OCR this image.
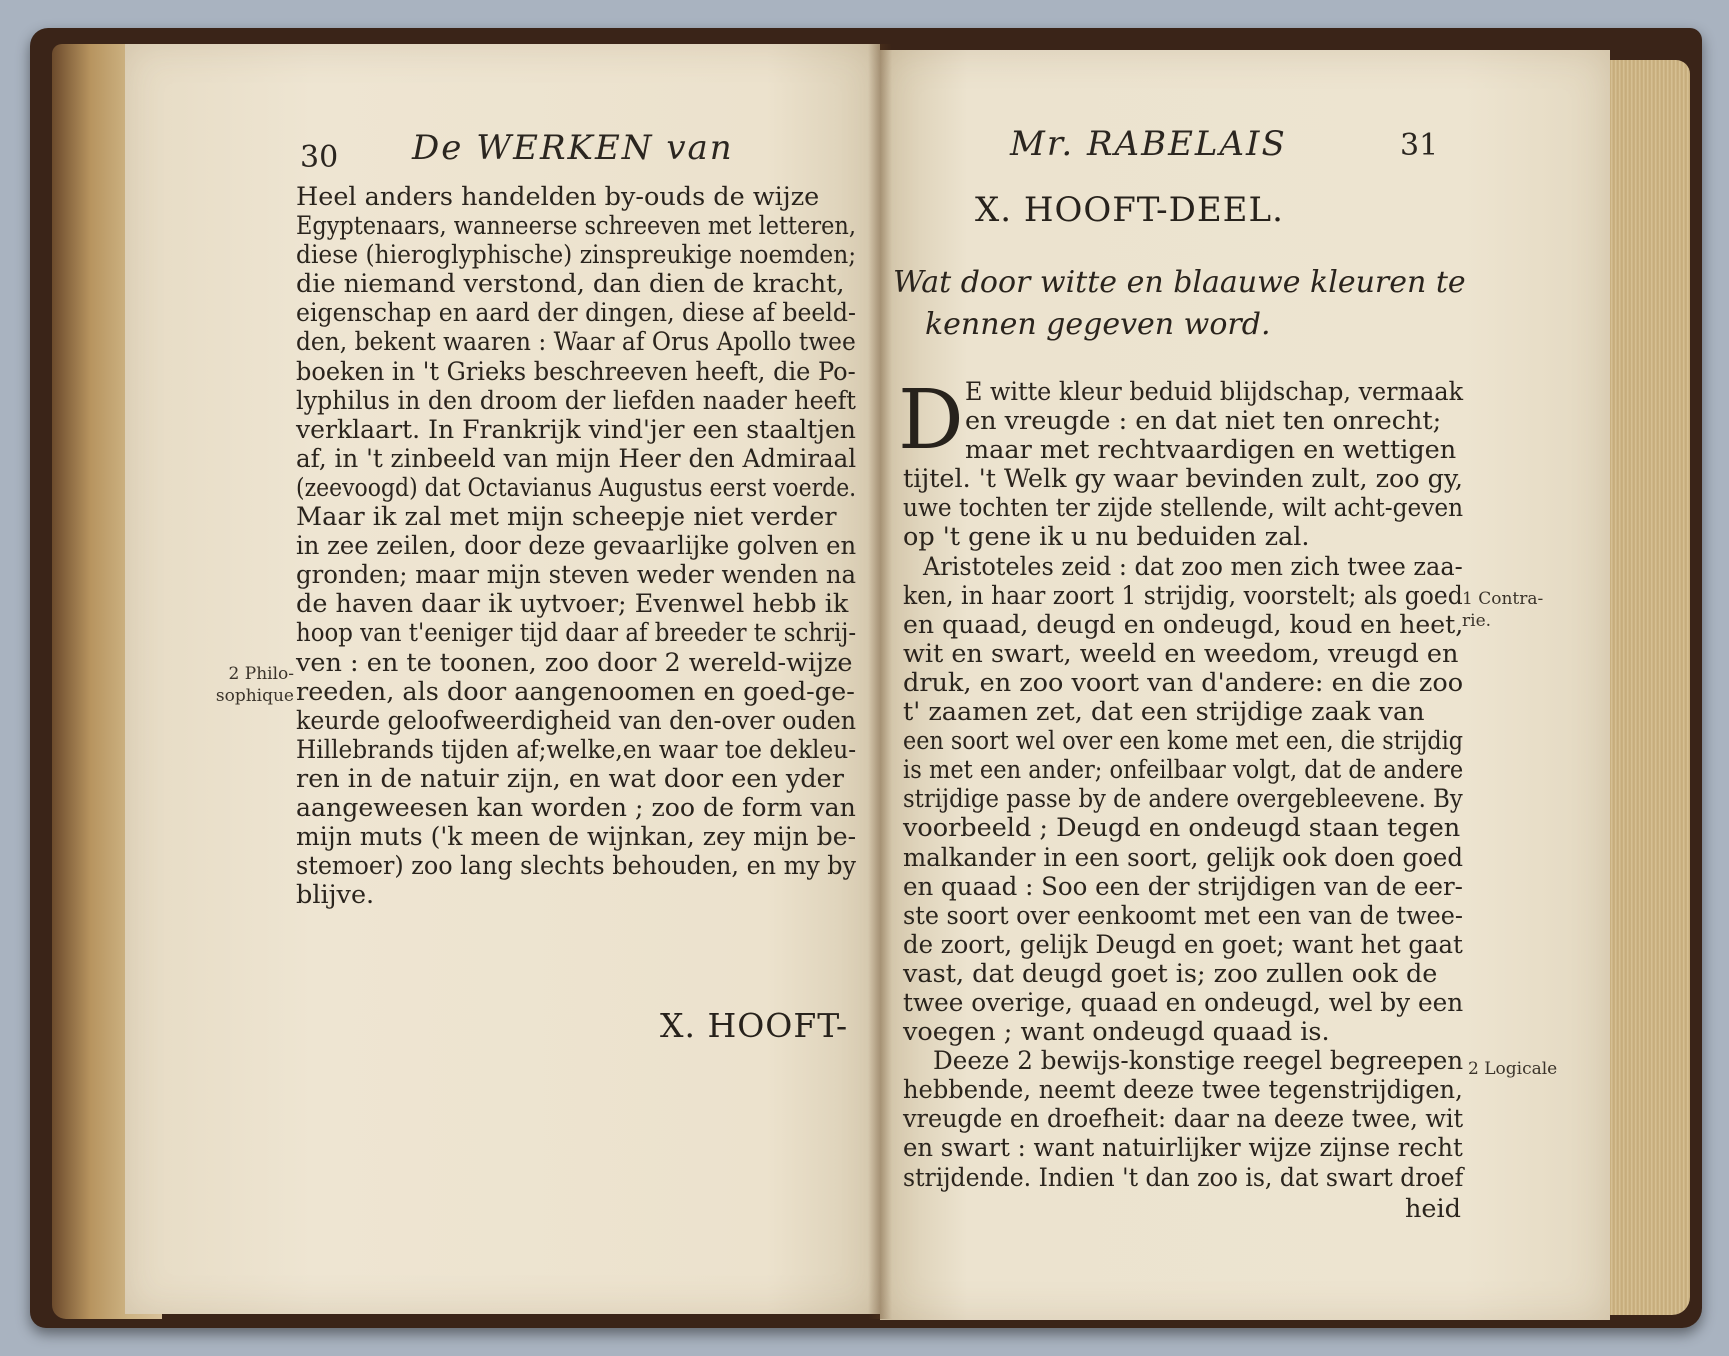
30 De WERKEN van
Heel anders handelden by-ouds de wijze
Egyptenaars, wanneerse schreeven met letteren,
diese (hieroglyphische) zinspreukige noemden;
die niemand verstond, dan dien de kracht,
eigenschap en aard der dingen, diese af beeld-
den, bekent waaren : Waar af Orus Apollo twee
boeken in 't Grieks beschreeven heeft, die Po-
lyphilus in den droom der liefden naader heeft
verklaart. In Frankrijk vind'jer een staaltjen
af, in 't zinbeeld van mijn Heer den Admiraal
(zeevoogd) dat Octavianus Augustus eerst voerde.
Maar ik zal met mijn scheepje niet verder
in zee zeilen, door deze gevaarlijke golven en
gronden; maar mijn steven weder wenden na
de haven daar ik uytvoer; Evenwel hebb ik
hoop van t'eeniger tijd daar af breeder te schrij-
ven : en te toonen, zoo door 2 wereld-wijze
reeden, als door aangenoomen en goed-ge-
keurde geloofweerdigheid van den-over ouden
Hillebrands tijden af;welke,en waar toe dekleu-
ren in de natuir zijn, en wat door een yder
aangeweesen kan worden ; zoo de form van
mijn muts ('k meen de wijnkan, zey mijn be-
stemoer) zoo lang slechts behouden, en my by
blijve.
2 Philo-
sophique
X. HOOFT-
Mr. RABELAIS	31
X. HOOFT-DEEL.
Wat door witte en blaauwe kleuren te
kennen gegeven word.
D E witte kleur beduid blijdschap, vermaak
en vreugde : en dat niet ten onrecht;
maar met rechtvaardigen en wettigen
tijtel. 't Welk gy waar bevinden zult, zoo gy,
uwe tochten ter zijde stellende, wilt acht-geven
op 't gene ik u nu beduiden zal.
Aristoteles zeid : dat zoo men zich twee zaa-
ken, in haar zoort 1 strijdig, voorstelt; als goed
en quaad, deugd en ondeugd, koud en heet,
wit en swart, weeld en weedom, vreugd en
druk, en zoo voort van d'andere: en die zoo
t' zaamen zet, dat een strijdige zaak van
een soort wel over een kome met een, die strijdig
is met een ander; onfeilbaar volgt, dat de andere
strijdige passe by de andere overgebleevene. By
voorbeeld ; Deugd en ondeugd staan tegen
malkander in een soort, gelijk ook doen goed
en quaad : Soo een der strijdigen van de eer-
ste soort over eenkoomt met een van de twee-
de zoort, gelijk Deugd en goet; want het gaat
vast, dat deugd goet is; zoo zullen ook de
twee overige, quaad en ondeugd, wel by een
voegen ; want ondeugd quaad is.
Deeze 2 bewijs-konstige reegel begreepen
hebbende, neemt deeze twee tegenstrijdigen,
vreugde en droefheit: daar na deeze twee, wit
en swart : want natuirlijker wijze zijnse recht
strijdende. Indien 't dan zoo is, dat swart droef
1 Contra-
rie.
2 Logicale
heid
